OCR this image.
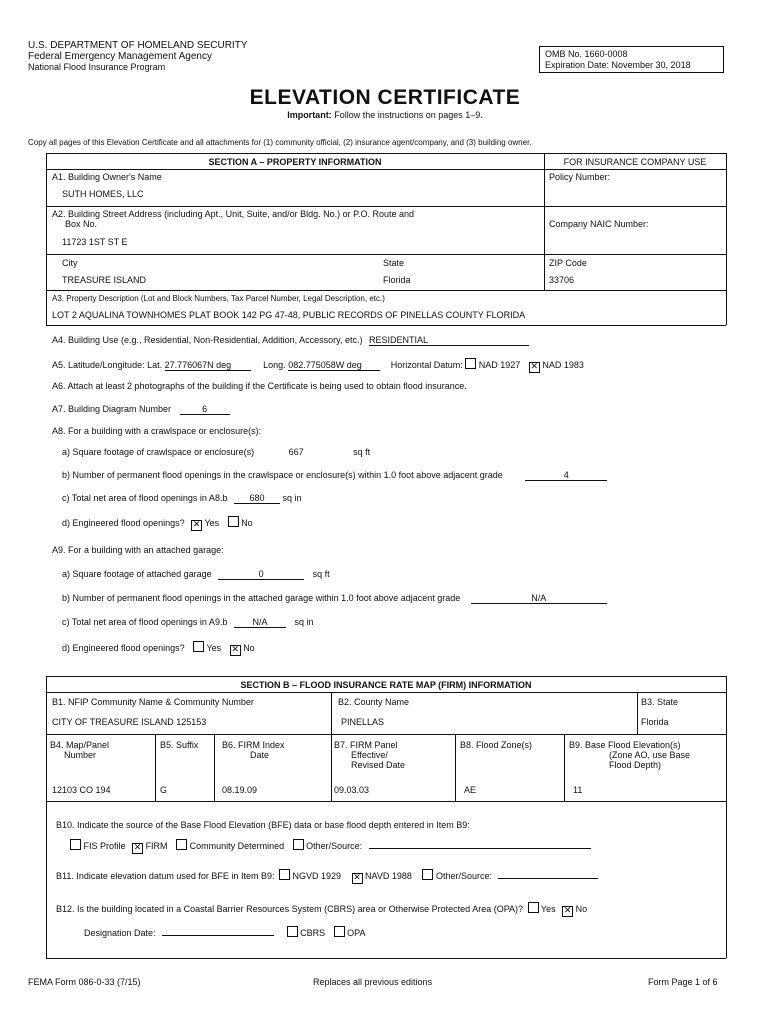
U.S. DEPARTMENT OF HOMELAND SECURITY
Federal Emergency Management Agency
National Flood Insurance Program
OMB No. 1660-0008
Expiration Date: November 30, 2018
ELEVATION CERTIFICATE
Important: Follow the instructions on pages 1–9.
Copy all pages of this Elevation Certificate and all attachments for (1) community official, (2) insurance agent/company, and (3) building owner.
SECTION A – PROPERTY INFORMATION	FOR INSURANCE COMPANY USE
A1. Building Owner's Name
SUTH HOMES, LLC
Policy Number:
A2. Building Street Address (including Apt., Unit, Suite, and/or Bldg. No.) or P.O. Route and
Box No.
11723 1ST ST E
Company NAIC Number:
City
TREASURE ISLAND
State
Florida
ZIP Code
33706
A3. Property Description (Lot and Block Numbers, Tax Parcel Number, Legal Description, etc.)
LOT 2 AQUALINA TOWNHOMES PLAT BOOK 142 PG 47-48, PUBLIC RECORDS OF PINELLAS COUNTY FLORIDA
A4. Building Use (e.g., Residential, Non-Residential, Addition, Accessory, etc.) RESIDENTIAL
A5. Latitude/Longitude: Lat. 27.776067N deg	Long. 082.775058W deg	Horizontal Datum: NAD 1927 ✕ NAD 1983
A6. Attach at least 2 photographs of the building if the Certificate is being used to obtain flood insurance.
A7. Building Diagram Number	6
A8. For a building with a crawlspace or enclosure(s):
a) Square footage of crawlspace or enclosure(s)	667	sq ft
b) Number of permanent flood openings in the crawlspace or enclosure(s) within 1.0 foot above adjacent grade	4
c) Total net area of flood openings in A8.b 680 sq in
d) Engineered flood openings? ✕ Yes No
A9. For a building with an attached garage:
a) Square footage of attached garage	0	sq ft
b) Number of permanent flood openings in the attached garage within 1.0 foot above adjacent grade	N/A
c) Total net area of flood openings in A9.b	N/A	sq in
d) Engineered flood openings? Yes ✕ No
SECTION B – FLOOD INSURANCE RATE MAP (FIRM) INFORMATION
B1. NFIP Community Name & Community Number
CITY OF TREASURE ISLAND 125153
B2. County Name
PINELLAS
B3. State
Florida
B4. Map/Panel
Number
12103 CO 194
B5. Suffix
G
B6. FIRM Index
Date
08.19.09
B7. FIRM Panel
Effective/
Revised Date
09.03.03
B8. Flood Zone(s)
AE
B9. Base Flood Elevation(s)
(Zone AO, use Base
Flood Depth)
11
B10. Indicate the source of the Base Flood Elevation (BFE) data or base flood depth entered in Item B9:
FIS Profile ✕ FIRM Community Determined Other/Source:
B11. Indicate elevation datum used for BFE in Item B9: NGVD 1929 ✕ NAVD 1988	Other/Source:
B12. Is the building located in a Coastal Barrier Resources System (CBRS) area or Otherwise Protected Area (OPA)? Yes ✕ No
Designation Date:	CBRS OPA
FEMA Form 086-0-33 (7/15)	Replaces all previous editions	Form Page 1 of 6
